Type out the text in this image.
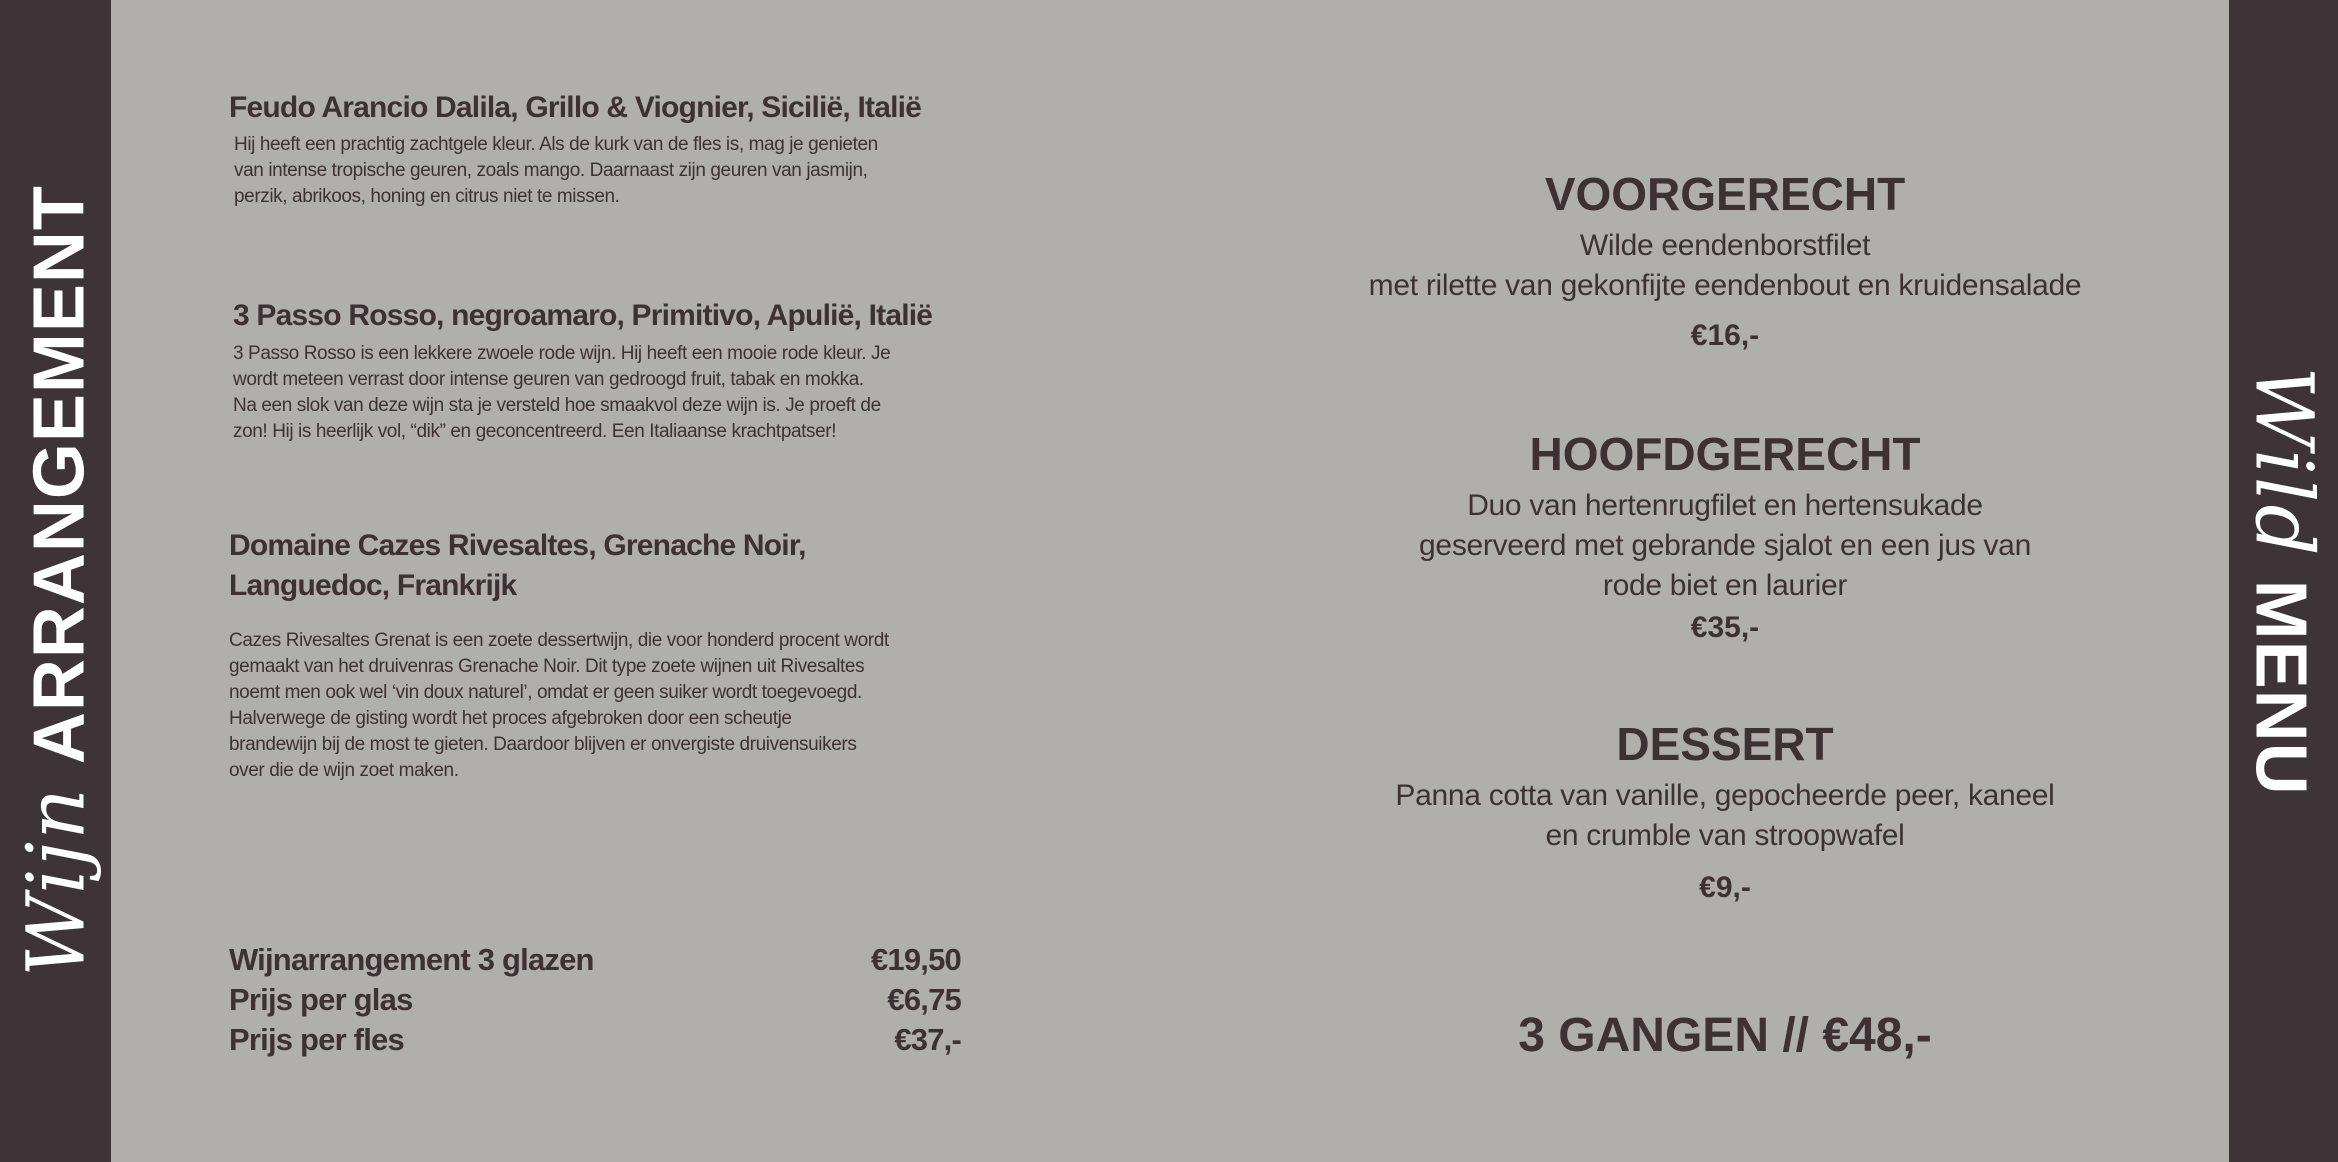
Wijn
ARRANGEMENT	Wild
MENU
Feudo Arancio Dalila, Grillo & Viognier, Sicilië, Italië

Hij heeft een prachtig zachtgele kleur. Als de kurk van de fles is, mag je genieten
van intense tropische geuren, zoals mango. Daarnaast zijn geuren van jasmijn,
perzik, abrikoos, honing en citrus niet te missen.

3 Passo Rosso, negroamaro, Primitivo, Apulië, Italië

3 Passo Rosso is een lekkere zwoele rode wijn. Hij heeft een mooie rode kleur. Je
wordt meteen verrast door intense geuren van gedroogd fruit, tabak en mokka.
Na een slok van deze wijn sta je versteld hoe smaakvol deze wijn is. Je proeft de
zon! Hij is heerlijk vol, “dik” en geconcentreerd. Een Italiaanse krachtpatser!

Domaine Cazes Rivesaltes, Grenache Noir,
Languedoc, Frankrijk

Cazes Rivesaltes Grenat is een zoete dessertwijn, die voor honderd procent wordt
gemaakt van het druivenras Grenache Noir. Dit type zoete wijnen uit Rivesaltes
noemt men ook wel ‘vin doux naturel’, omdat er geen suiker wordt toegevoegd.
Halverwege de gisting wordt het proces afgebroken door een scheutje
brandewijn bij de most te gieten. Daardoor blijven er onvergiste druivensuikers
over die de wijn zoet maken.

Wijnarrangement 3 glazen	€19,50
Prijs per glas	€6,75
Prijs per fles	€37,-
VOORGERECHT
Wilde eendenborstfilet
met rilette van gekonfijte eendenbout en kruidensalade
€16,-
HOOFDGERECHT
Duo van hertenrugfilet en hertensukade
geserveerd met gebrande sjalot en een jus van
rode biet en laurier
€35,-
DESSERT
Panna cotta van vanille, gepocheerde peer, kaneel
en crumble van stroopwafel
€9,-
3 GANGEN // €48,-
